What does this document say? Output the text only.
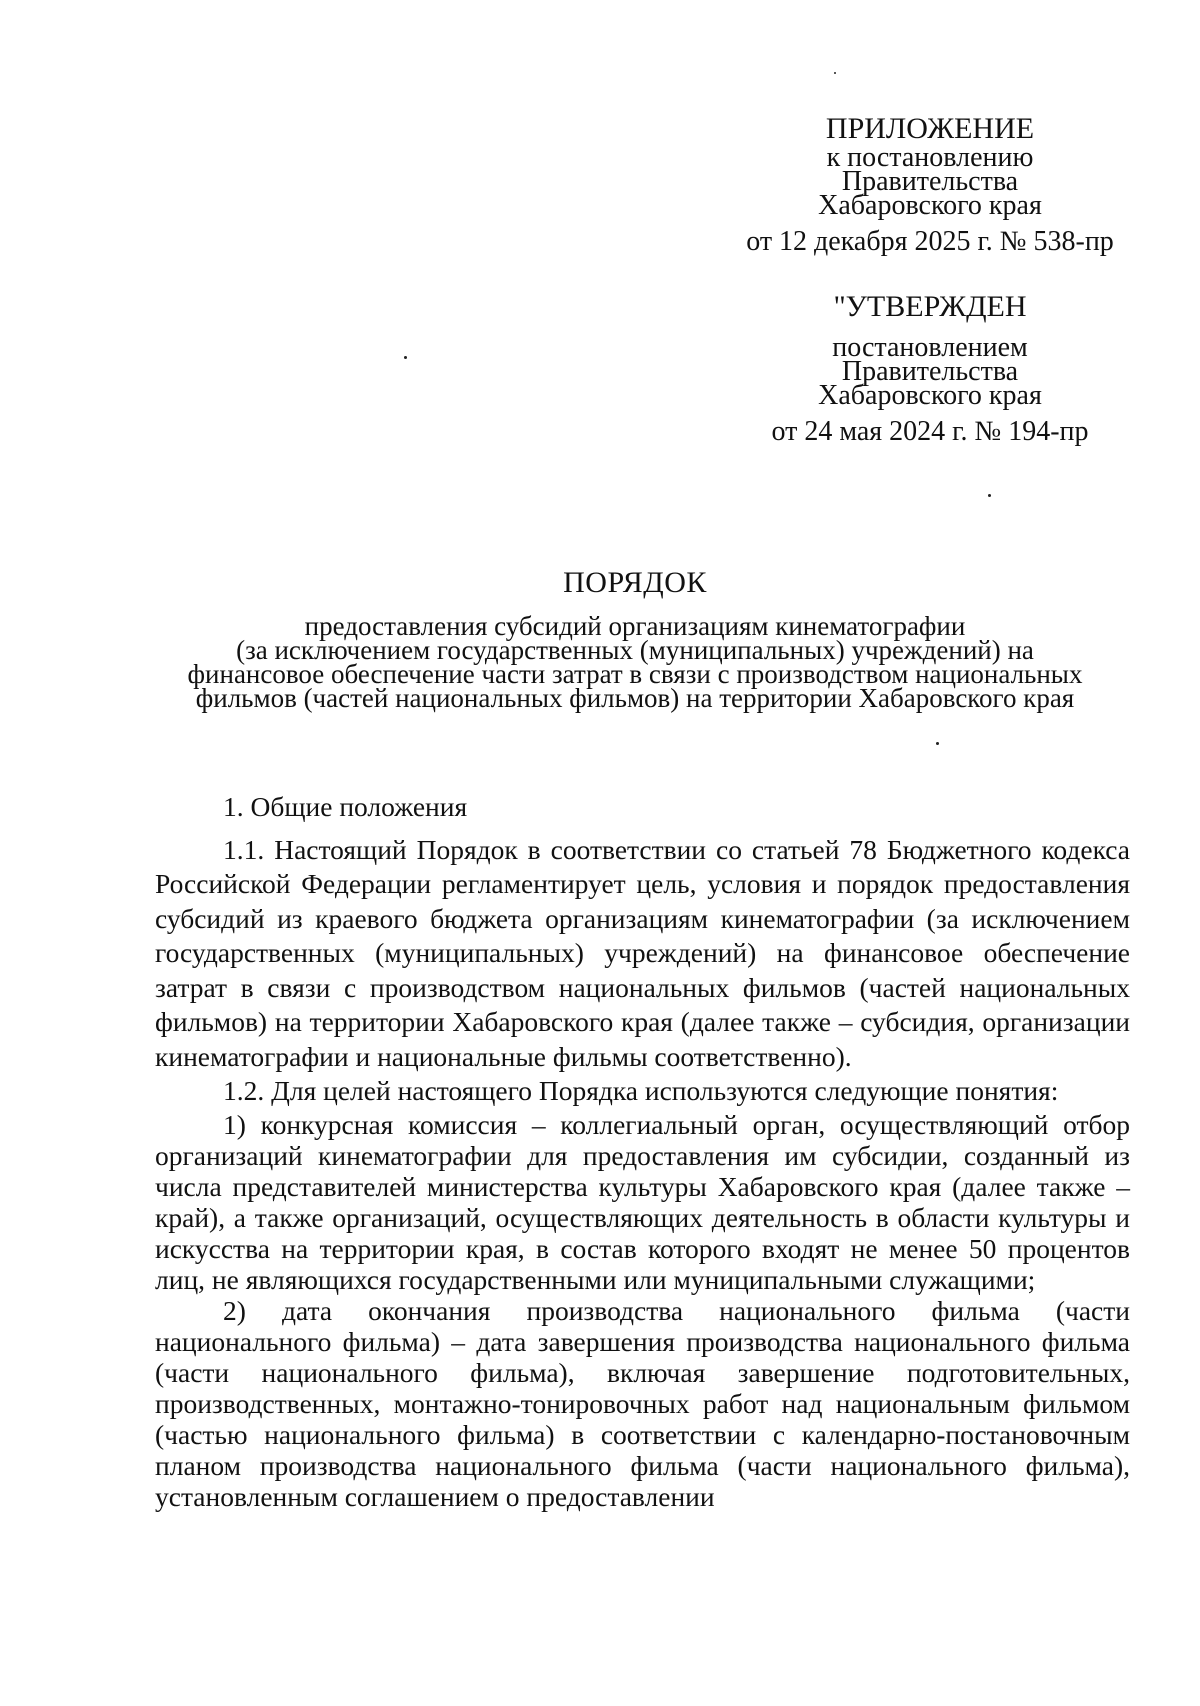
ПРИЛОЖЕНИЕ
к постановлению
Правительства
Хабаровского края
от 12 декабря 2025 г. № 538-пр
"УТВЕРЖДЕН
постановлением
Правительства
Хабаровского края
от 24 мая 2024 г. № 194-пр
ПОРЯДОК
предоставления субсидий организациям кинематографии
(за исключением государственных (муниципальных) учреждений) на
финансовое обеспечение части затрат в связи с производством национальных
фильмов (частей национальных фильмов) на территории Хабаровского края

1. Общие положения

1.1. Настоящий Порядок в соответствии со статьей 78 Бюджетного кодекса Российской Федерации регламентирует цель, условия и порядок предоставления субсидий из краевого бюджета организациям кинематографии (за исключением государственных (муниципальных) учреждений) на финансовое обеспечение затрат в связи с производством национальных фильмов (частей национальных фильмов) на территории Хабаровского края (далее также – субсидия, организации кинематографии и национальные фильмы соответственно).

1.2. Для целей настоящего Порядка используются следующие понятия:

1) конкурсная комиссия – коллегиальный орган, осуществляющий отбор организаций кинематографии для предоставления им субсидии, созданный из числа представителей министерства культуры Хабаровского края (далее также – край), а также организаций, осуществляющих деятельность в области культуры и искусства на территории края, в состав которого входят не менее 50 процентов лиц, не являющихся государственными или муниципальными служащими;

2) дата окончания производства национального фильма (части национального фильма) – дата завершения производства национального фильма (части национального фильма), включая завершение подготовительных, производственных, монтажно-тонировочных работ над национальным фильмом (частью национального фильма) в соответствии с календарно-постановочным планом производства национального фильма (части национального фильма), установленным соглашением о предоставлении
